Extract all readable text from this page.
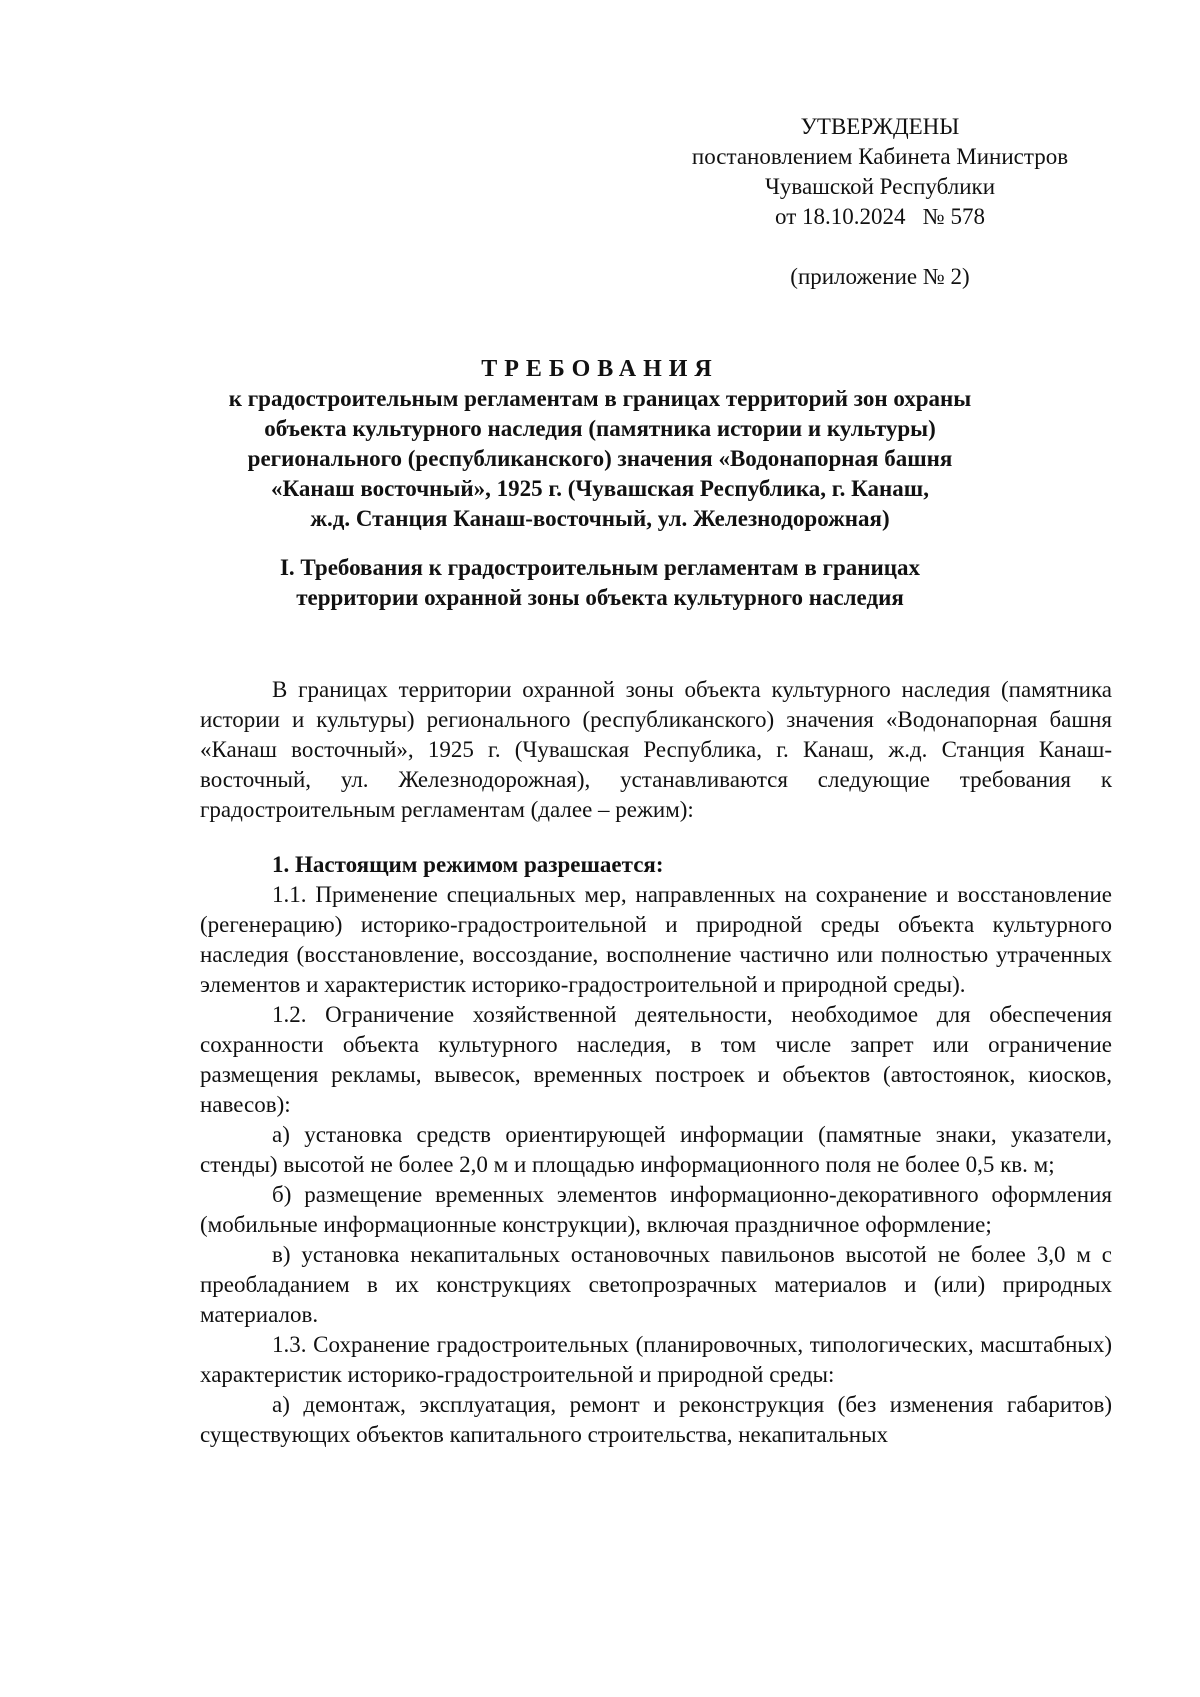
УТВЕРЖДЕНЫ
постановлением Кабинета Министров
Чувашской Республики
от 18.10.2024   № 578
(приложение № 2)
ТРЕБОВАНИЯ
к градостроительным регламентам в границах территорий зон охраны
объекта культурного наследия (памятника истории и культуры)
регионального (республиканского) значения «Водонапорная башня
«Канаш восточный», 1925 г. (Чувашская Республика, г. Канаш,
ж.д. Станция Канаш-восточный, ул. Железнодорожная)
I. Требования к градостроительным регламентам в границах
территории охранной зоны объекта культурного наследия

В границах территории охранной зоны объекта культурного наследия (памятника истории и культуры) регионального (республиканского) значения «Водонапорная башня «Канаш восточный», 1925 г. (Чувашская Республика, г. Канаш, ж.д. Станция Канаш-восточный, ул. Железнодорожная), устанавливаются следующие требования к градостроительным регламентам (далее – режим):

1. Настоящим режимом разрешается:

1.1. Применение специальных мер, направленных на сохранение и восстановление (регенерацию) историко-градостроительной и природной среды объекта культурного наследия (восстановление, воссоздание, восполнение частично или полностью утраченных элементов и характеристик историко-градостроительной и природной среды).

1.2. Ограничение хозяйственной деятельности, необходимое для обеспечения сохранности объекта культурного наследия, в том числе запрет или ограничение размещения рекламы, вывесок, временных построек и объектов (автостоянок, киосков, навесов):

а) установка средств ориентирующей информации (памятные знаки, указатели, стенды) высотой не более 2,0 м и площадью информационного поля не более 0,5 кв. м;

б) размещение временных элементов информационно-декоративного оформления (мобильные информационные конструкции), включая праздничное оформление;

в) установка некапитальных остановочных павильонов высотой не более 3,0 м с преобладанием в их конструкциях светопрозрачных материалов и (или) природных материалов.

1.3. Сохранение градостроительных (планировочных, типологических, масштабных) характеристик историко-градостроительной и природной среды:

а) демонтаж, эксплуатация, ремонт и реконструкция (без изменения габаритов) существующих объектов капитального строительства, некапитальных
